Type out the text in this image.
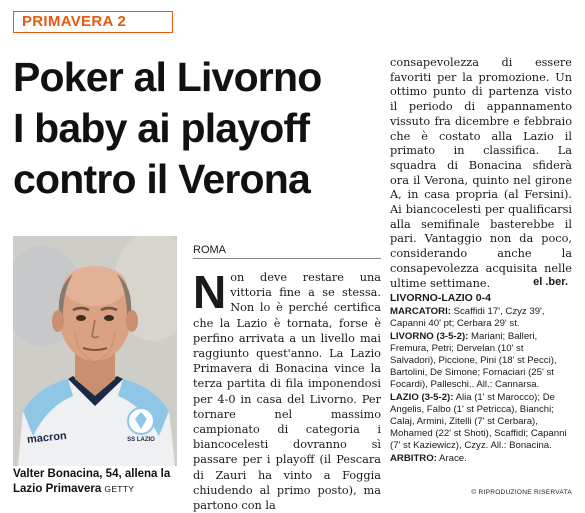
PRIMAVERA 2
Poker al Livorno
I baby ai playoff
contro il Verona
macron	SS LAZIO
Valter Bonacina, 54, allena la Lazio Primavera GETTY
ROMA
Non deve restare una vittoria fine a se stessa. Non lo è perché certifica che la Lazio è tornata, forse è perfino arrivata a un livello mai raggiunto quest'anno. La Lazio Primavera di Bonacina vince la terza partita di fila imponendosi per 4-0 in casa del Livorno. Per tornare nel massimo campionato di categoria i biancocelesti dovranno sì passare per i playoff (il Pescara di Zauri ha vinto a Foggia chiudendo al primo posto), ma partono con la
consapevolezza di essere favoriti per la promozione. Un ottimo punto di partenza visto il periodo di appannamento vissuto fra dicembre e febbraio che è costato alla Lazio il primato in classifica. La squadra di Bonacina sfiderà ora il Verona, quinto nel girone A, in casa propria (al Fersini). Ai biancocelesti per qualificarsi alla semifinale basterebbe il pari. Vantaggio non da poco, considerando anche la consapevolezza acquisita nelle ultime settimane.	el .ber.
LIVORNO-LAZIO 0-4
MARCATORI: Scaffidi 17', Czyz 39', Capanni 40' pt; Cerbara 29' st.
LIVORNO (3-5-2): Mariani; Balleri, Fremura, Petri; Dervelan (10' st Salvadori), Piccione, Pini (18' st Pecci), Bartolini, De Simone; Fornaciari (25' st Focardi), Palleschi.. All.: Cannarsa.
LAZIO (3-5-2): Alia (1' st Marocco); De Angelis, Falbo (1' st Petricca), Bianchi; Calaj, Armini, Zitelli (7' st Cerbara), Mohamed (22' st Shoti), Scaffidi; Capanni (7' st Kaziewicz), Czyz. All.: Bonacina.
ARBITRO: Arace.
© RIPRODUZIONE RISERVATA
